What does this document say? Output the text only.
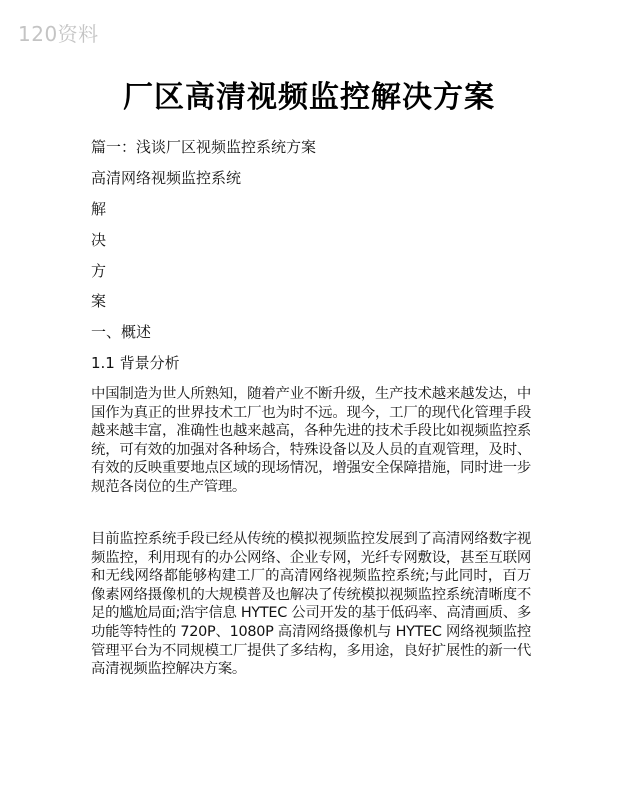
120资料
厂区高清视频监控解决方案
篇一：浅谈厂区视频监控系统方案
高清网络视频监控系统
解
决
方
案
一、概述
1.1 背景分析
中国制造为世人所熟知，随着产业不断升级，生产技术越来越发达，中国作为真正的世界技术工厂也为时不远。现今，工厂的现代化管理手段越来越丰富，准确性也越来越高，各种先进的技术手段比如视频监控系统，可有效的加强对各种场合，特殊设备以及人员的直观管理，及时、有效的反映重要地点区域的现场情况，增强安全保障措施，同时进一步规范各岗位的生产管理。
目前监控系统手段已经从传统的模拟视频监控发展到了高清网络数字视频监控，利用现有的办公网络、企业专网，光纤专网敷设，甚至互联网和无线网络都能够构建工厂的高清网络视频监控系统;与此同时，百万像素网络摄像机的大规模普及也解决了传统模拟视频监控系统清晰度不足的尴尬局面;浩宇信息 HYTEC 公司开发的基于低码率、高清画质、多功能等特性的 720P、1080P 高清网络摄像机与 HYTEC 网络视频监控管理平台为不同规模工厂提供了多结构，多用途，良好扩展性的新一代高清视频监控解决方案。
